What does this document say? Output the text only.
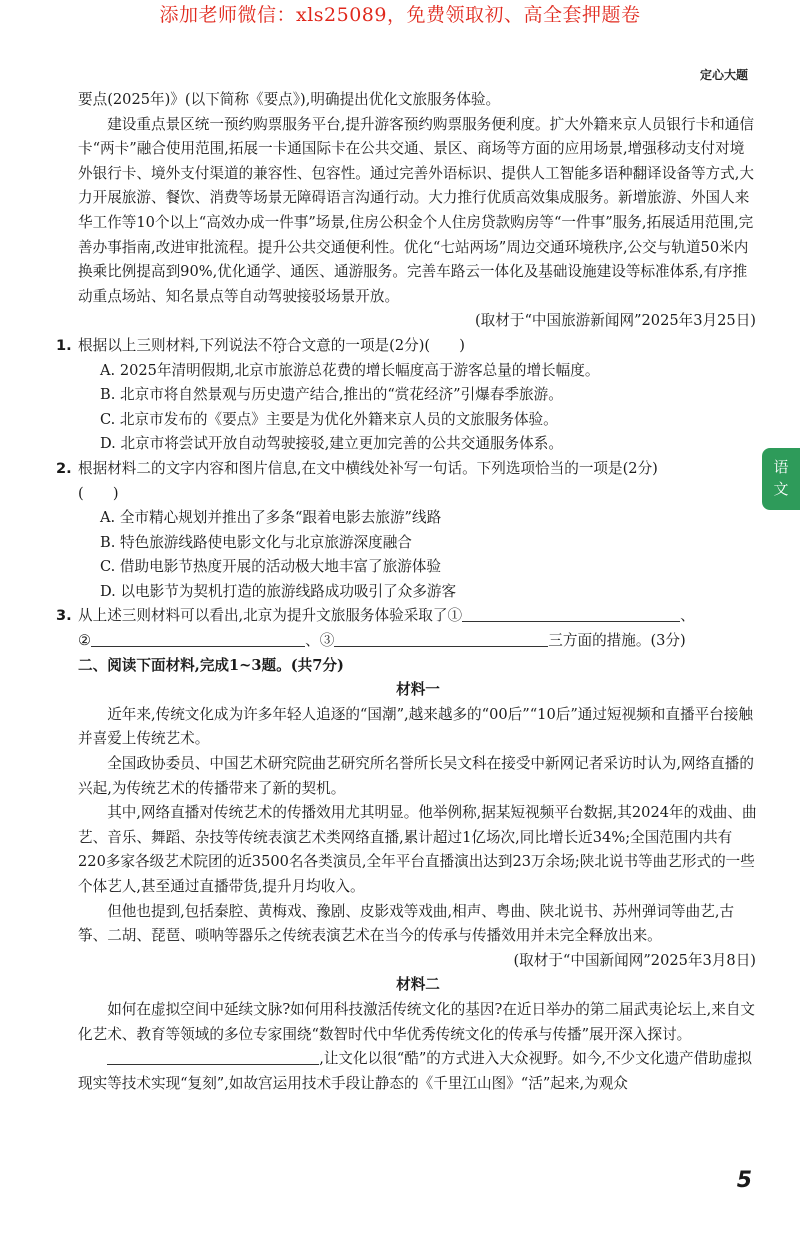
添加老师微信：xls25089，免费领取初、高全套押题卷
定心大题

要点(2025年)》(以下简称《要点》),明确提出优化文旅服务体验。

建设重点景区统一预约购票服务平台,提升游客预约购票服务便利度。扩大外籍来京人员银行卡和通信卡“两卡”融合使用范围,拓展一卡通国际卡在公共交通、景区、商场等方面的应用场景,增强移动支付对境外银行卡、境外支付渠道的兼容性、包容性。通过完善外语标识、提供人工智能多语种翻译设备等方式,大力开展旅游、餐饮、消费等场景无障碍语言沟通行动。大力推行优质高效集成服务。新增旅游、外国人来华工作等10个以上“高效办成一件事”场景,住房公积金个人住房贷款购房等“一件事”服务,拓展适用范围,完善办事指南,改进审批流程。提升公共交通便利性。优化“七站两场”周边交通环境秩序,公交与轨道50米内换乘比例提高到90%,优化通学、通医、通游服务。完善车路云一体化及基础设施建设等标准体系,有序推动重点场站、知名景点等自动驾驶接驳场景开放。

(取材于“中国旅游新闻网”2025年3月25日)

1. 根据以上三则材料,下列说法不符合文意的一项是(2分)(　　)

A. 2025年清明假期,北京市旅游总花费的增长幅度高于游客总量的增长幅度。

B. 北京市将自然景观与历史遗产结合,推出的“赏花经济”引爆春季旅游。

C. 北京市发布的《要点》主要是为优化外籍来京人员的文旅服务体验。

D. 北京市将尝试开放自动驾驶接驳,建立更加完善的公共交通服务体系。

2. 根据材料二的文字内容和图片信息,在文中横线处补写一句话。下列选项恰当的一项是(2分)

(　　)

A. 全市精心规划并推出了多条“跟着电影去旅游”线路

B. 特色旅游线路使电影文化与北京旅游深度融合

C. 借助电影节热度开展的活动极大地丰富了旅游体验

D. 以电影节为契机打造的旅游线路成功吸引了众多游客

3. 从上述三则材料可以看出,北京为提升文旅服务体验采取了①	、

②	、③	三方面的措施。(3分)

二、阅读下面材料,完成1~3题。(共7分)

材料一

近年来,传统文化成为许多年轻人追逐的“国潮”,越来越多的“00后”“10后”通过短视频和直播平台接触并喜爱上传统艺术。

全国政协委员、中国艺术研究院曲艺研究所名誉所长吴文科在接受中新网记者采访时认为,网络直播的兴起,为传统艺术的传播带来了新的契机。

其中,网络直播对传统艺术的传播效用尤其明显。他举例称,据某短视频平台数据,其2024年的戏曲、曲艺、音乐、舞蹈、杂技等传统表演艺术类网络直播,累计超过1亿场次,同比增长近34%;全国范围内共有220多家各级艺术院团的近3500名各类演员,全年平台直播演出达到23万余场;陕北说书等曲艺形式的一些个体艺人,甚至通过直播带货,提升月均收入。

但他也提到,包括秦腔、黄梅戏、豫剧、皮影戏等戏曲,相声、粤曲、陕北说书、苏州弹词等曲艺,古筝、二胡、琵琶、唢呐等器乐之传统表演艺术在当今的传承与传播效用并未完全释放出来。

(取材于“中国新闻网”2025年3月8日)

材料二

如何在虚拟空间中延续文脉?如何用科技激活传统文化的基因?在近日举办的第二届武夷论坛上,来自文化艺术、教育等领域的多位专家围绕“数智时代中华优秀传统文化的传承与传播”展开深入探讨。

,让文化以很“酷”的方式进入大众视野。如今,不少文化遗产借助虚拟现实等技术实现“复刻”,如故宫运用技术手段让静态的《千里江山图》“活”起来,为观众

语文
5
